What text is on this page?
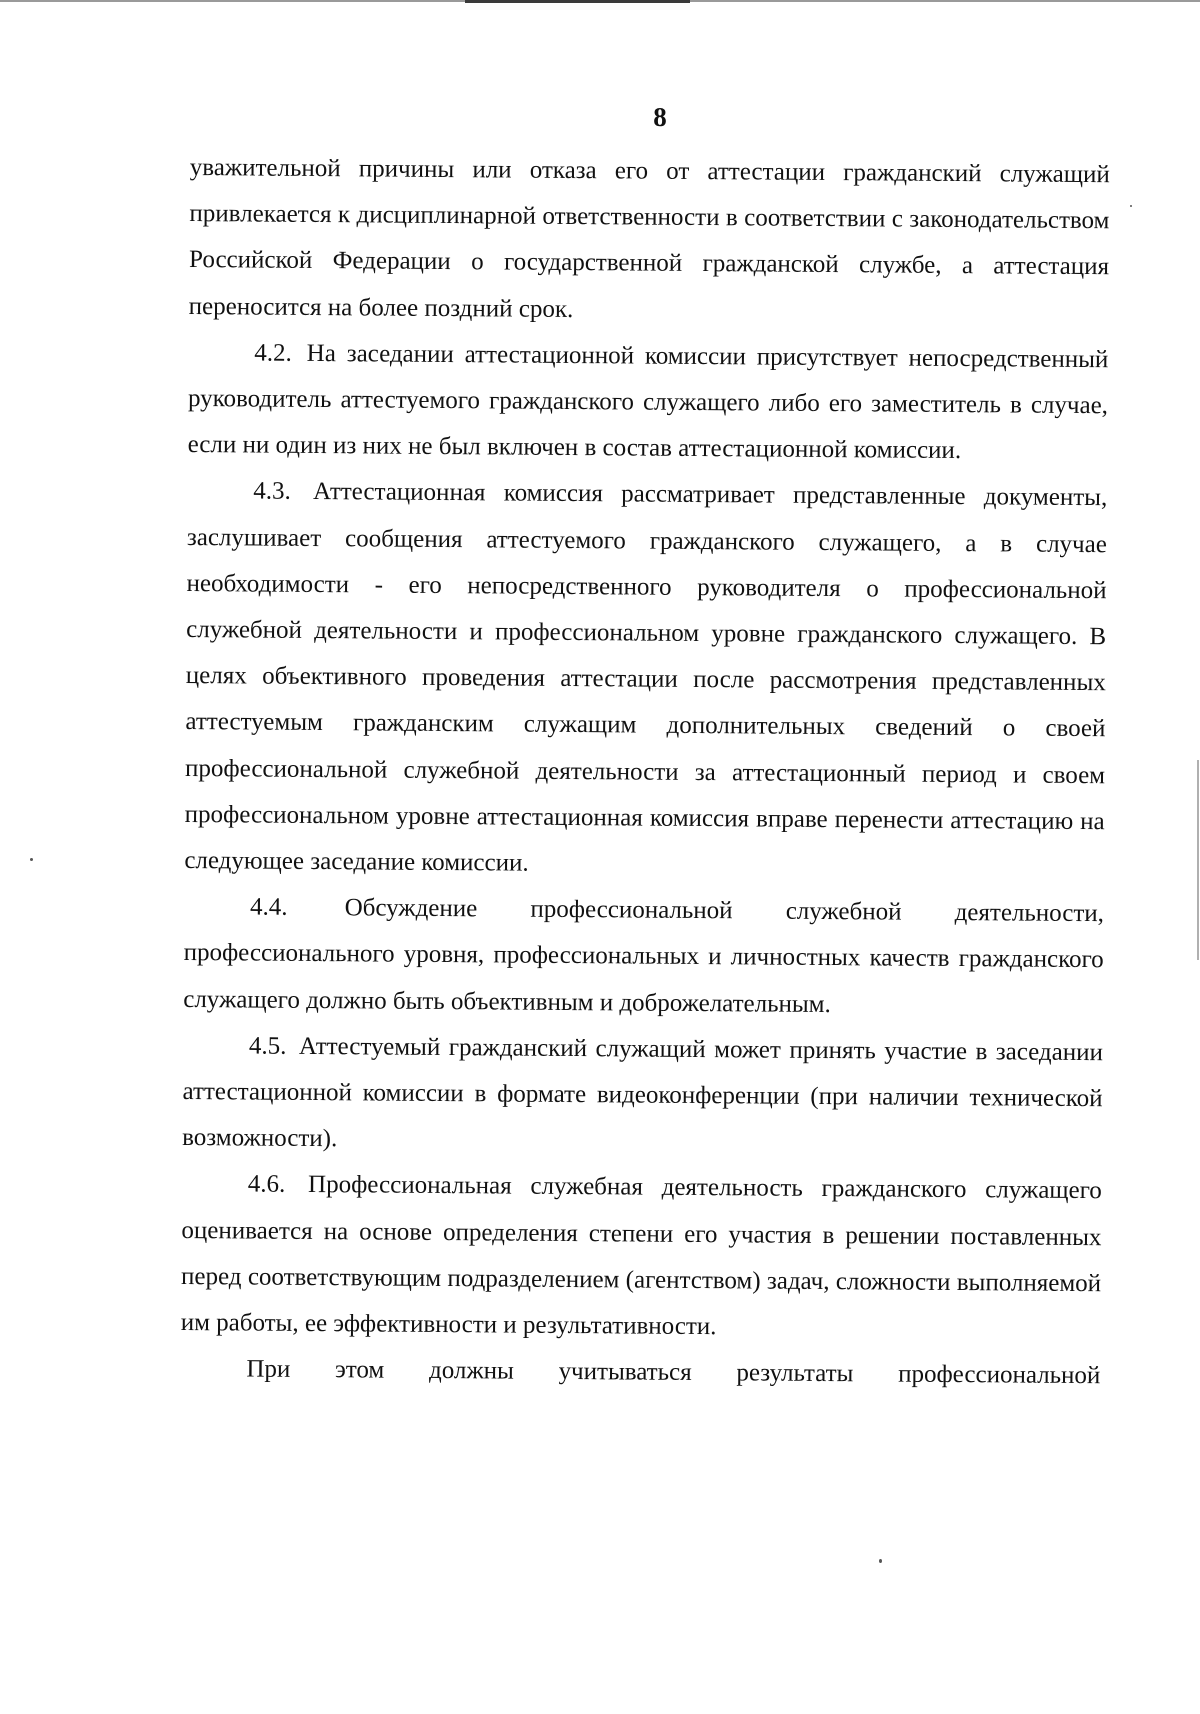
8

уважительной причины или отказа его от аттестации гражданский служащий привлекается к дисциплинарной ответственности в соответствии с законодательством Российской Федерации о государственной гражданской службе, а аттестация переносится на более поздний срок.

4.2. На заседании аттестационной комиссии присутствует непосредственный руководитель аттестуемого гражданского служащего либо его заместитель в случае, если ни один из них не был включен в состав аттестационной комиссии.

4.3. Аттестационная комиссия рассматривает представленные документы, заслушивает сообщения аттестуемого гражданского служащего, а в случае необходимости - его непосредственного руководителя о профессиональной служебной деятельности и профессиональном уровне гражданского служащего. В целях объективного проведения аттестации после рассмотрения представленных аттестуемым гражданским служащим дополнительных сведений о своей профессиональной служебной деятельности за аттестационный период и своем профессиональном уровне аттестационная комиссия вправе перенести аттестацию на следующее заседание комиссии.

4.4. Обсуждение профессиональной служебной деятельности, профессионального уровня, профессиональных и личностных качеств гражданского служащего должно быть объективным и доброжелательным.

4.5. Аттестуемый гражданский служащий может принять участие в заседании аттестационной комиссии в формате видеоконференции (при наличии технической возможности).

4.6. Профессиональная служебная деятельность гражданского служащего оценивается на основе определения степени его участия в решении поставленных перед соответствующим подразделением (агентством) задач, сложности выполняемой им работы, ее эффективности и результативности.

При этом должны учитываться результаты профессиональной
